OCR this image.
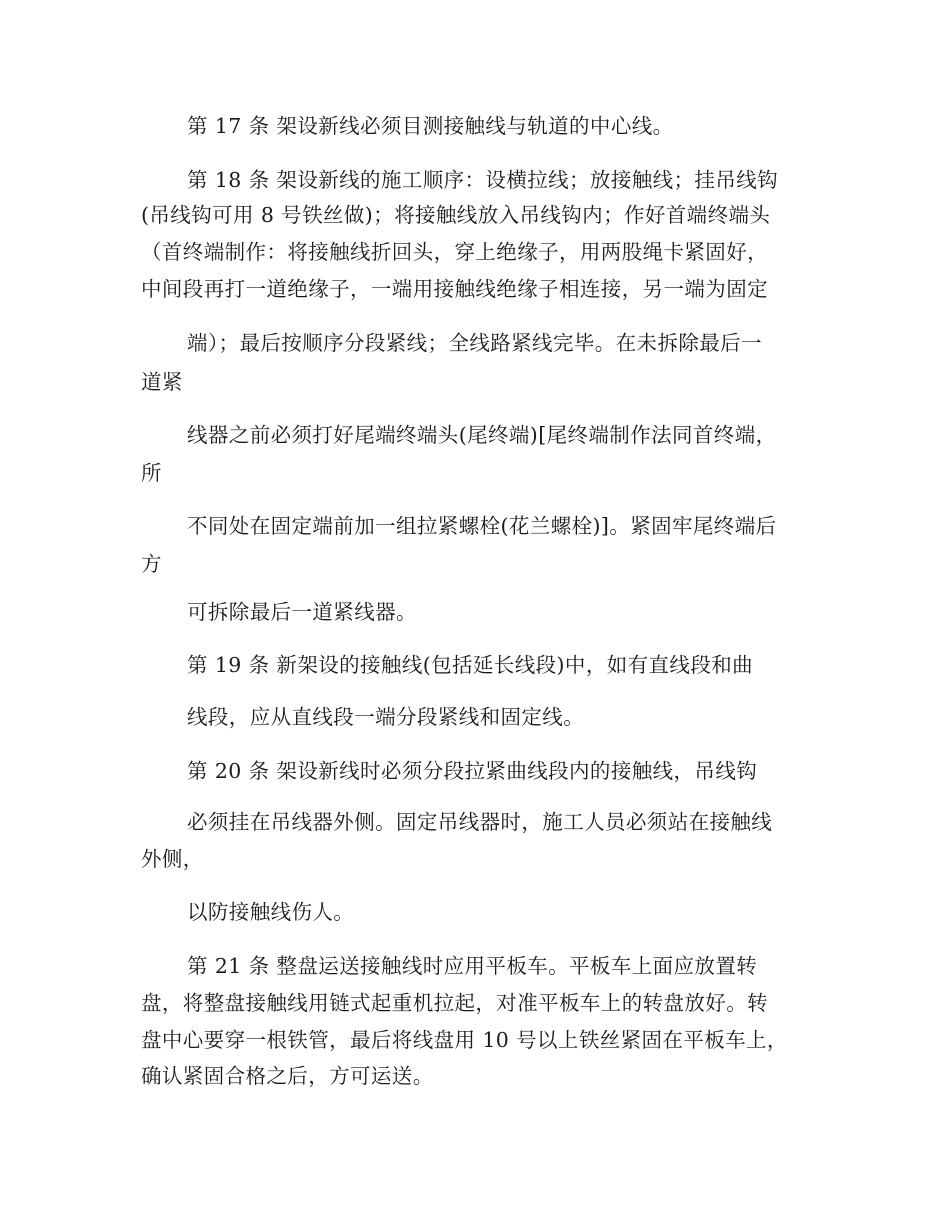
第 17 条 架设新线必须目测接触线与轨道的中心线。
第 18 条 架设新线的施工顺序：设横拉线；放接触线；挂吊线钩
(吊线钩可用 8 号铁丝做)；将接触线放入吊线钩内；作好首端终端头
（首终端制作：将接触线折回头，穿上绝缘子，用两股绳卡紧固好，
中间段再打一道绝缘子，一端用接触线绝缘子相连接，另一端为固定
端）；最后按顺序分段紧线；全线路紧线完毕。在未拆除最后一
道紧
线器之前必须打好尾端终端头(尾终端)[尾终端制作法同首终端，
所
不同处在固定端前加一组拉紧螺栓(花兰螺栓)]。紧固牢尾终端后
方
可拆除最后一道紧线器。
第 19 条 新架设的接触线(包括延长线段)中，如有直线段和曲
线段，应从直线段一端分段紧线和固定线。
第 20 条 架设新线时必须分段拉紧曲线段内的接触线，吊线钩
必须挂在吊线器外侧。固定吊线器时，施工人员必须站在接触线
外侧，
以防接触线伤人。
第 21 条 整盘运送接触线时应用平板车。平板车上面应放置转
盘，将整盘接触线用链式起重机拉起，对准平板车上的转盘放好。转
盘中心要穿一根铁管，最后将线盘用 10 号以上铁丝紧固在平板车上，
确认紧固合格之后，方可运送。
